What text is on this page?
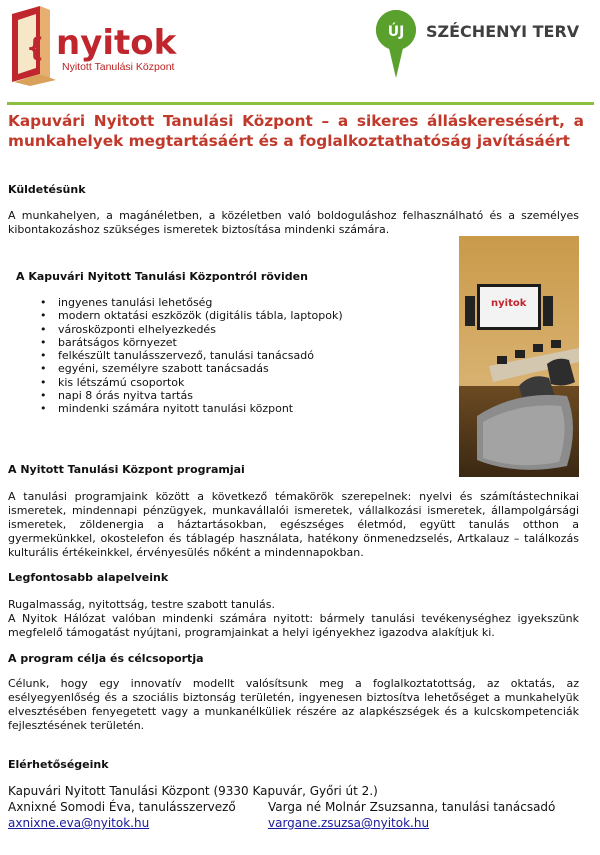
{ nyitok
Nyitott Tanulási Központ
ÚJ SZÉCHENYI TERV
Kapuvári Nyitott Tanulási Központ – a sikeres álláskeresésért, a munkahelyek megtartásáért és a foglalkoztathatóság javításáért
Küldetésünk
A munkahelyen, a magánéletben, a közéletben való boldoguláshoz felhasználható és a személyes kibontakozáshoz szükséges ismeretek biztosítása mindenki számára.
A Kapuvári Nyitott Tanulási Központról röviden
• ingyenes tanulási lehetőség
• modern oktatási eszközök (digitális tábla, laptopok)
• városközponti elhelyezkedés
• barátságos környezet
• felkészült tanulásszervező, tanulási tanácsadó
• egyéni, személyre szabott tanácsadás
• kis létszámú csoportok
• napi 8 órás nyitva tartás
• mindenki számára nyitott tanulási központ
nyitok
A Nyitott Tanulási Központ programjai
A tanulási programjaink között a következő témakörök szerepelnek: nyelvi és számítástechnikai ismeretek, mindennapi pénzügyek, munkavállalói ismeretek, vállalkozási ismeretek, állampolgársági ismeretek, zöldenergia a háztartásokban, egészséges életmód, együtt tanulás otthon a gyermekünkkel, okostelefon és táblagép használata, hatékony önmenedzselés, Artkalauz – találkozás kulturális értékeinkkel, érvényesülés nőként a mindennapokban.
Legfontosabb alapelveink
Rugalmasság, nyitottság, testre szabott tanulás.
A Nyitok Hálózat valóban mindenki számára nyitott: bármely tanulási tevékenységhez igyekszünk megfelelő támogatást nyújtani, programjainkat a helyi igényekhez igazodva alakítjuk ki.
A program célja és célcsoportja
Célunk, hogy egy innovatív modellt valósítsunk meg a foglalkoztatottság, az oktatás, az esélyegyenlőség és a szociális biztonság területén, ingyenesen biztosítva lehetőséget a munkahelyük elvesztésében fenyegetett vagy a munkanélküliek részére az alapkészségek és a kulcskompetenciák fejlesztésének területén.
Elérhetőségeink
Kapuvári Nyitott Tanulási Központ (9330 Kapuvár, Győri út 2.)
Axnixné Somodi Éva, tanulásszervező
axnixne.eva@nyitok.hu
Varga né Molnár Zsuzsanna, tanulási tanácsadó
vargane.zsuzsa@nyitok.hu
